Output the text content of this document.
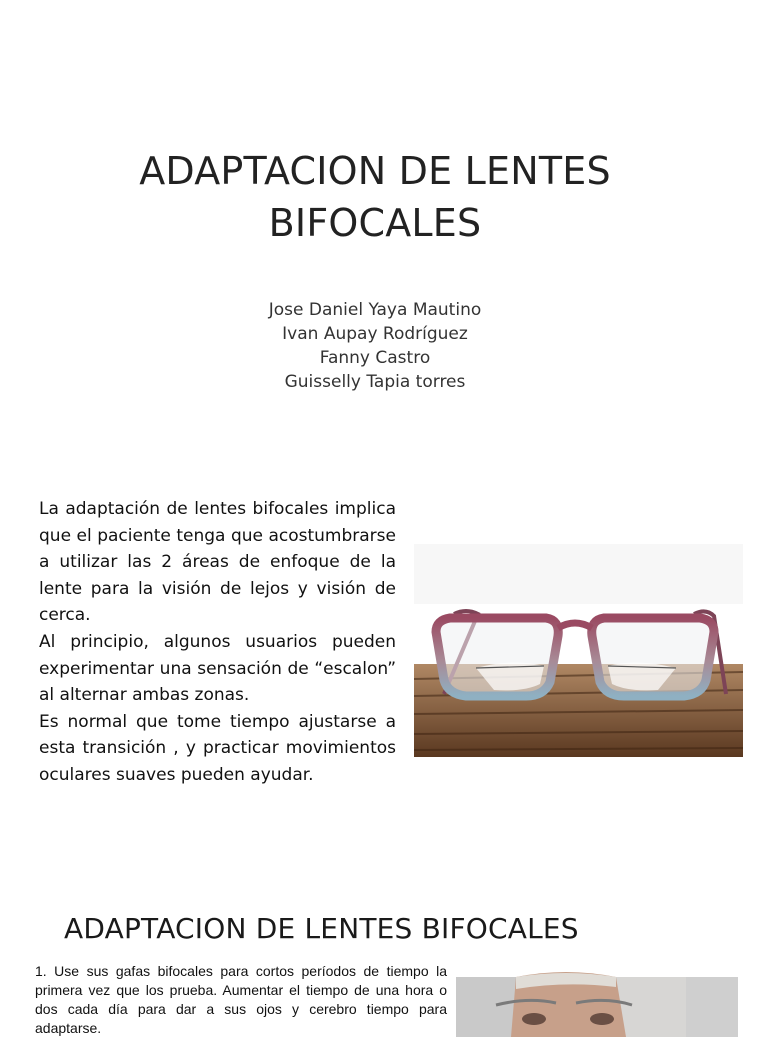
ADAPTACION DE LENTES
BIFOCALES
Jose Daniel Yaya Mautino
Ivan Aupay Rodríguez
Fanny Castro
Guisselly Tapia torres

La adaptación de lentes bifocales implica que el paciente tenga que acostumbrarse a utilizar las 2 áreas de enfoque de la lente para la visión de lejos y visión de cerca.

Al principio, algunos usuarios pueden experimentar una sensación de “escalon” al alternar ambas zonas.

Es normal que tome tiempo ajustarse a esta transición , y practicar movimientos oculares suaves pueden ayudar.

ADAPTACION DE LENTES BIFOCALES
1. Use sus gafas bifocales para cortos períodos de tiempo la primera vez que los prueba. Aumentar el tiempo de una hora o dos cada día para dar a sus ojos y cerebro tiempo para adaptarse.
